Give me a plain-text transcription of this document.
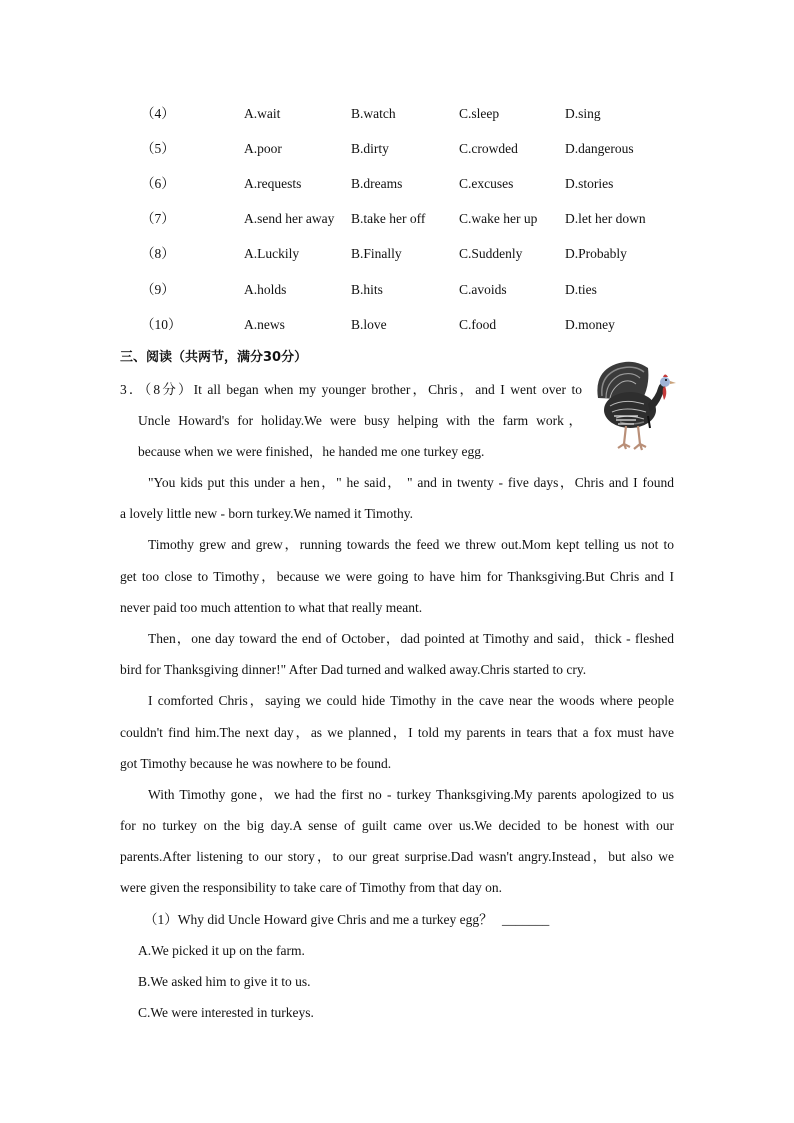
（4）	A.wait	B.watch	C.sleep	D.sing
（5）	A.poor	B.dirty	C.crowded	D.dangerous
（6）	A.requests	B.dreams	C.excuses	D.stories
（7）	A.send her away B.take her off C.wake her up D.let her down
（8）	A.Luckily	B.Finally	C.Suddenly	D.Probably
（9）	A.holds	B.hits	C.avoids	D.ties
（10）	A.news	B.love	C.food	D.money
三、阅读（共两节，满分30分）
3．（8分）It all began when my younger brother，Chris，and I went over to
Uncle Howard's for holiday.We were busy helping with the farm work，
because when we were finished，he handed me one turkey egg.
"You kids put this under a hen，" he said， " and in twenty - five days，Chris and I found
a lovely little new - born turkey.We named it Timothy.
Timothy grew and grew，running towards the feed we threw out.Mom kept telling us not to
get too close to Timothy，because we were going to have him for Thanksgiving.But Chris and I
never paid too much attention to what that really meant.
Then，one day toward the end of October，dad pointed at Timothy and said，thick - fleshed
bird for Thanksgiving dinner!" After Dad turned and walked away.Chris started to cry.
I comforted Chris，saying we could hide Timothy in the cave near the woods where people
couldn't find him.The next day，as we planned，I told my parents in tears that a fox must have
got Timothy because he was nowhere to be found.
With Timothy gone，we had the first no - turkey Thanksgiving.My parents apologized to us
for no turkey on the big day.A sense of guilt came over us.We decided to be honest with our
parents.After listening to our story，to our great surprise.Dad wasn't angry.Instead，but also we
were given the responsibility to take care of Timothy from that day on.
（1）Why did Uncle Howard give Chris and me a turkey egg？ _______
A.We picked it up on the farm.
B.We asked him to give it to us.
C.We were interested in turkeys.
